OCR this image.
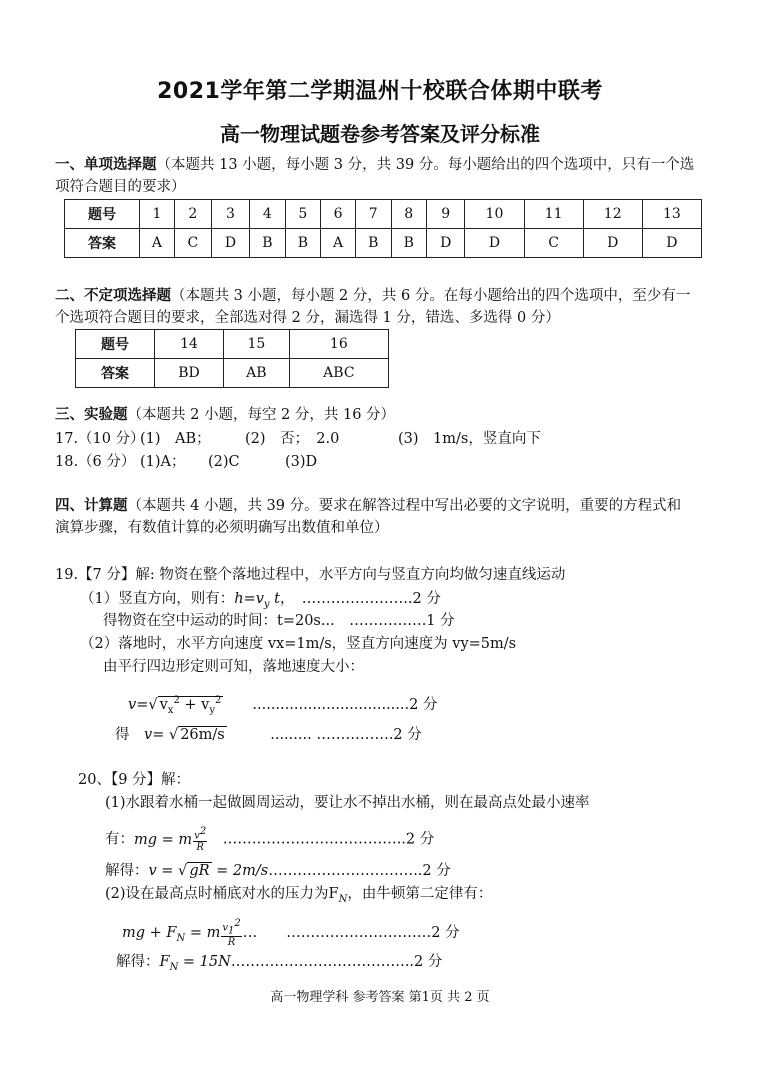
2021学年第二学期温州十校联合体期中联考
高一物理试题卷参考答案及评分标准
一、单项选择题（本题共 13 小题，每小题 3 分，共 39 分。每小题给出的四个选项中，只有一个选
项符合题目的要求）
题号	1	2	3	4	5	6	7	8	9	10	11	12	13
答案	A	C	D	B	B	A	B	B	D	D	C	D	D
二、不定项选择题（本题共 3 小题，每小题 2 分，共 6 分。在每小题给出的四个选项中，至少有一
个选项符合题目的要求，全部选对得 2 分，漏选得 1 分，错选、多选得 0 分）
题号	14	15	16
答案	BD	AB	ABC
三、实验题（本题共 2 小题，每空 2 分，共 16 分）
17.（10 分）
(1)　AB； (2)　否；　2.0	(3)　1m/s，竖直向下
18.（6 分） (1)A； (2)C	(3)D
四、计算题（本题共 4 小题，共 39 分。要求在解答过程中写出必要的文字说明，重要的方程式和
演算步骤，有数值计算的必须明确写出数值和单位）
19.【7 分】解: 物资在整个落地过程中，水平方向与竖直方向均做匀速直线运动
（1）竖直方向，则有：$h=v_y$ t，　…………………..2 分
得物资在空中运动的时间：t=20s...　…………….1 分
（2）落地时，水平方向速度 vx=1m/s，竖直方向速度为 vy=5m/s
由平行四边形定则可知，落地速度大小：
v=√ $v_x^2 + v_y^2$　　 ..................................2 分
得　 v= √ 26m/s　　　	......... …………….2 分
20、【9 分】解：
(1)水跟着水桶一起做圆周运动，要让水不掉出水桶，则在最高点处最小速率
有：mg = m $\frac{v2}{R}$
　 ………………………………..2 分
解得：v = √ gR = 2m/s…………………………..2 分
(2)设在最高点时桶底对水的压力为$F_N$，由牛顿第二定律有：
mg + $F_N = m \frac{v12}{R}$ …　　…………………………2 分
解得：$F_N$ = 15N………………………………..2 分
高一物理学科 参考答案 第1页 共 2 页
